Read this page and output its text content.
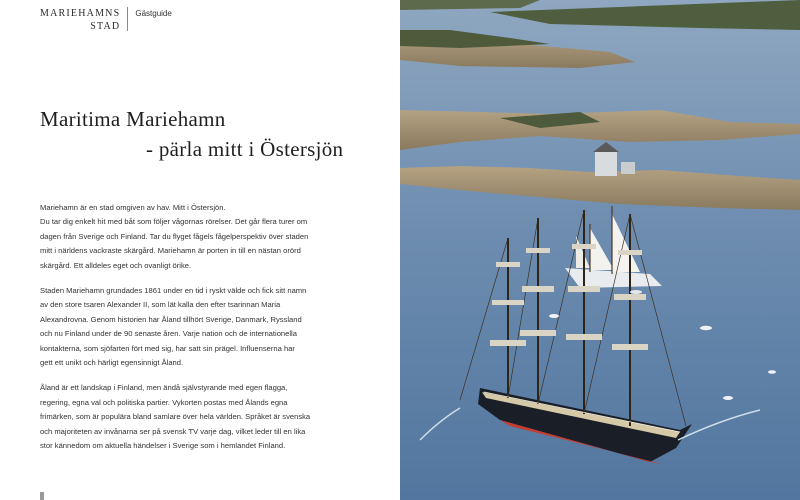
MARIEHAMNS
STAD
Gästguide
Maritima Mariehamn
- pärla mitt i Östersjön
Mariehamn är en stad omgiven av hav. Mitt i Östersjön.
Du tar dig enkelt hit med båt som följer vågornas rörelser. Det går flera turer om
dagen från Sverige och Finland. Tar du flyget fågels fågelperspektiv över staden
mitt i närldens vackraste skärgård. Mariehamn är porten in till en nästan orörd
skärgård. Ett alldeles eget och ovanligt örike.
Staden Mariehamn grundades 1861 under en tid i ryskt välde och fick sitt namn
av den store tsaren Alexander II, som lät kalla den efter tsarinnan Maria
Alexandrovna. Genom historien har Åland tillhört Sverige, Danmark, Ryssland
och nu Finland under de 90 senaste åren. Varje nation och de internationella
kontakterna, som sjöfarten fört med sig, har satt sin prägel. Influenserna har
gett ett unikt och härligt egensinnigt Åland.
Åland är ett landskap i Finland, men ändå självstyrande med egen flagga,
regering, egna val och politiska partier. Vykorten postas med Ålands egna
frimärken, som är populära bland samlare över hela världen. Språket är svenska
och majoriteten av invånarna ser på svensk TV varje dag, vilket leder till en lika
stor kännedom om aktuella händelser i Sverige som i hemlandet Finland.
